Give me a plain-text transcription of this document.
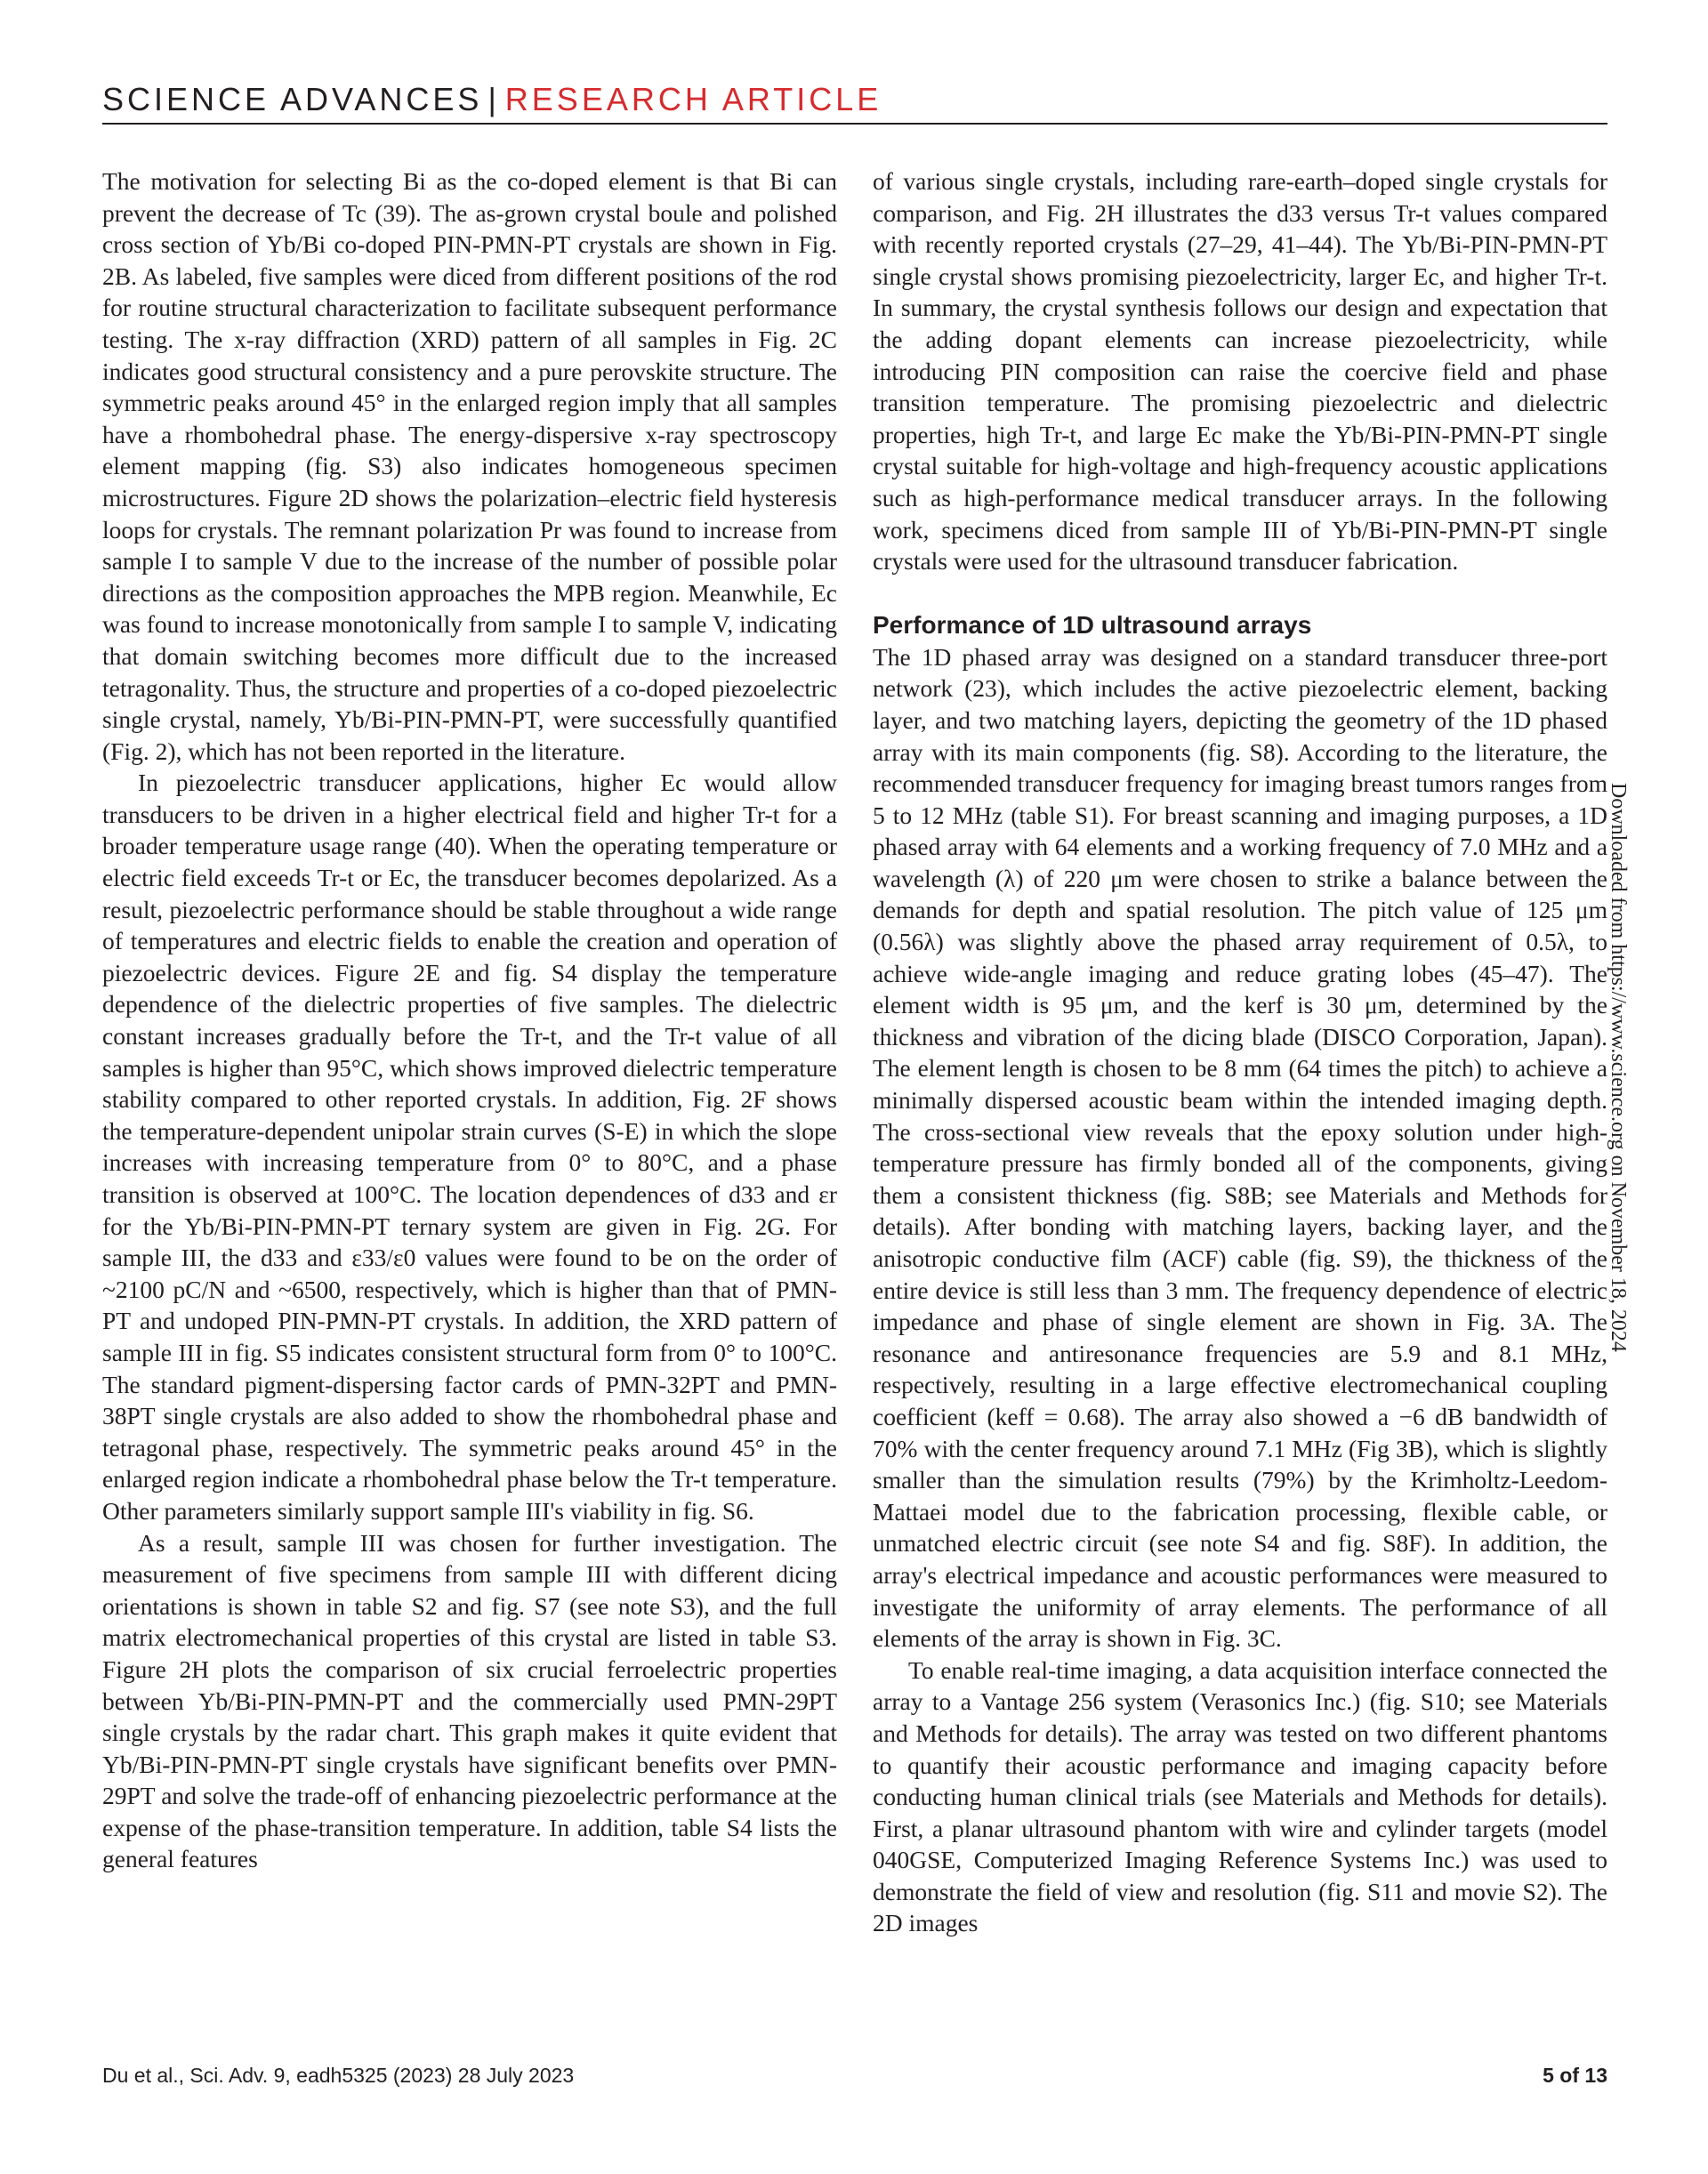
SCIENCE ADVANCES | RESEARCH ARTICLE

The motivation for selecting Bi as the co-doped element is that Bi can prevent the decrease of Tc (39). The as-grown crystal boule and polished cross section of Yb/Bi co-doped PIN-PMN-PT crystals are shown in Fig. 2B. As labeled, five samples were diced from different positions of the rod for routine structural characterization to facilitate subsequent performance testing. The x-ray diffraction (XRD) pattern of all samples in Fig. 2C indicates good structural consistency and a pure perovskite structure. The symmetric peaks around 45° in the enlarged region imply that all samples have a rhombohedral phase. The energy-dispersive x-ray spectroscopy element mapping (fig. S3) also indicates homogeneous specimen microstructures. Figure 2D shows the polarization–electric field hysteresis loops for crystals. The remnant polarization Pr was found to increase from sample I to sample V due to the increase of the number of possible polar directions as the composition approaches the MPB region. Meanwhile, Ec was found to increase monotonically from sample I to sample V, indicating that domain switching becomes more difficult due to the increased tetragonality. Thus, the structure and properties of a co-doped piezoelectric single crystal, namely, Yb/Bi-PIN-PMN-PT, were successfully quantified (Fig. 2), which has not been reported in the literature.

In piezoelectric transducer applications, higher Ec would allow transducers to be driven in a higher electrical field and higher Tr-t for a broader temperature usage range (40). When the operating temperature or electric field exceeds Tr-t or Ec, the transducer becomes depolarized. As a result, piezoelectric performance should be stable throughout a wide range of temperatures and electric fields to enable the creation and operation of piezoelectric devices. Figure 2E and fig. S4 display the temperature dependence of the dielectric properties of five samples. The dielectric constant increases gradually before the Tr-t, and the Tr-t value of all samples is higher than 95°C, which shows improved dielectric temperature stability compared to other reported crystals. In addition, Fig. 2F shows the temperature-dependent unipolar strain curves (S-E) in which the slope increases with increasing temperature from 0° to 80°C, and a phase transition is observed at 100°C. The location dependences of d33 and εr for the Yb/Bi-PIN-PMN-PT ternary system are given in Fig. 2G. For sample III, the d33 and ε33/ε0 values were found to be on the order of ~2100 pC/N and ~6500, respectively, which is higher than that of PMN-PT and undoped PIN-PMN-PT crystals. In addition, the XRD pattern of sample III in fig. S5 indicates consistent structural form from 0° to 100°C. The standard pigment-dispersing factor cards of PMN-32PT and PMN-38PT single crystals are also added to show the rhombohedral phase and tetragonal phase, respectively. The symmetric peaks around 45° in the enlarged region indicate a rhombohedral phase below the Tr-t temperature. Other parameters similarly support sample III's viability in fig. S6.

As a result, sample III was chosen for further investigation. The measurement of five specimens from sample III with different dicing orientations is shown in table S2 and fig. S7 (see note S3), and the full matrix electromechanical properties of this crystal are listed in table S3. Figure 2H plots the comparison of six crucial ferroelectric properties between Yb/Bi-PIN-PMN-PT and the commercially used PMN-29PT single crystals by the radar chart. This graph makes it quite evident that Yb/Bi-PIN-PMN-PT single crystals have significant benefits over PMN-29PT and solve the trade-off of enhancing piezoelectric performance at the expense of the phase-transition temperature. In addition, table S4 lists the general features

of various single crystals, including rare-earth–doped single crystals for comparison, and Fig. 2H illustrates the d33 versus Tr-t values compared with recently reported crystals (27–29, 41–44). The Yb/Bi-PIN-PMN-PT single crystal shows promising piezoelectricity, larger Ec, and higher Tr-t. In summary, the crystal synthesis follows our design and expectation that the adding dopant elements can increase piezoelectricity, while introducing PIN composition can raise the coercive field and phase transition temperature. The promising piezoelectric and dielectric properties, high Tr-t, and large Ec make the Yb/Bi-PIN-PMN-PT single crystal suitable for high-voltage and high-frequency acoustic applications such as high-performance medical transducer arrays. In the following work, specimens diced from sample III of Yb/Bi-PIN-PMN-PT single crystals were used for the ultrasound transducer fabrication.

Performance of 1D ultrasound arrays

The 1D phased array was designed on a standard transducer three-port network (23), which includes the active piezoelectric element, backing layer, and two matching layers, depicting the geometry of the 1D phased array with its main components (fig. S8). According to the literature, the recommended transducer frequency for imaging breast tumors ranges from 5 to 12 MHz (table S1). For breast scanning and imaging purposes, a 1D phased array with 64 elements and a working frequency of 7.0 MHz and a wavelength (λ) of 220 μm were chosen to strike a balance between the demands for depth and spatial resolution. The pitch value of 125 μm (0.56λ) was slightly above the phased array requirement of 0.5λ, to achieve wide-angle imaging and reduce grating lobes (45–47). The element width is 95 μm, and the kerf is 30 μm, determined by the thickness and vibration of the dicing blade (DISCO Corporation, Japan). The element length is chosen to be 8 mm (64 times the pitch) to achieve a minimally dispersed acoustic beam within the intended imaging depth. The cross-sectional view reveals that the epoxy solution under high-temperature pressure has firmly bonded all of the components, giving them a consistent thickness (fig. S8B; see Materials and Methods for details). After bonding with matching layers, backing layer, and the anisotropic conductive film (ACF) cable (fig. S9), the thickness of the entire device is still less than 3 mm. The frequency dependence of electric impedance and phase of single element are shown in Fig. 3A. The resonance and antiresonance frequencies are 5.9 and 8.1 MHz, respectively, resulting in a large effective electromechanical coupling coefficient (keff = 0.68). The array also showed a −6 dB bandwidth of 70% with the center frequency around 7.1 MHz (Fig 3B), which is slightly smaller than the simulation results (79%) by the Krimholtz-Leedom-Mattaei model due to the fabrication processing, flexible cable, or unmatched electric circuit (see note S4 and fig. S8F). In addition, the array's electrical impedance and acoustic performances were measured to investigate the uniformity of array elements. The performance of all elements of the array is shown in Fig. 3C.

To enable real-time imaging, a data acquisition interface connected the array to a Vantage 256 system (Verasonics Inc.) (fig. S10; see Materials and Methods for details). The array was tested on two different phantoms to quantify their acoustic performance and imaging capacity before conducting human clinical trials (see Materials and Methods for details). First, a planar ultrasound phantom with wire and cylinder targets (model 040GSE, Computerized Imaging Reference Systems Inc.) was used to demonstrate the field of view and resolution (fig. S11 and movie S2). The 2D images

Downloaded from https://www.science.org on November 18, 2024
Du et al., Sci. Adv. 9, eadh5325 (2023) 28 July 2023	5 of 13
